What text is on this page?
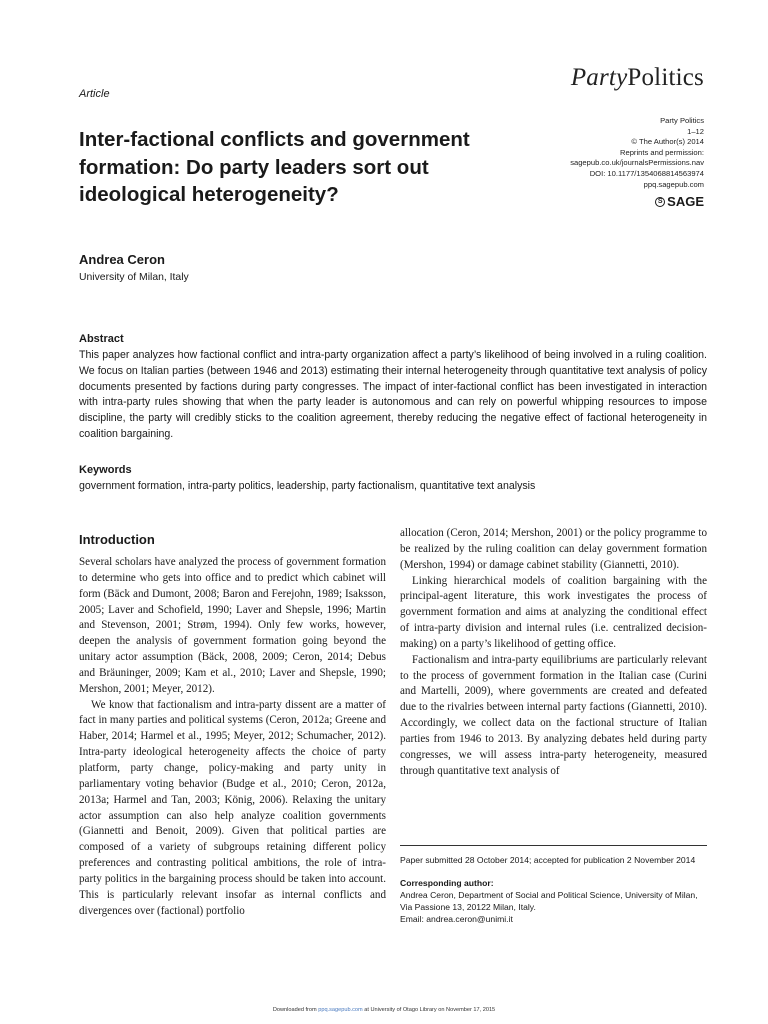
Article
PartyPolitics
Party Politics
1–12
© The Author(s) 2014
Reprints and permission:
sagepub.co.uk/journalsPermissions.nav
DOI: 10.1177/1354068814563974
ppq.sagepub.com
S SAGE
Inter-factional conflicts and government
formation: Do party leaders sort out
ideological heterogeneity?
Andrea Ceron
University of Milan, Italy
Abstract
This paper analyzes how factional conflict and intra-party organization affect a party’s likelihood of being involved in a ruling coalition. We focus on Italian parties (between 1946 and 2013) estimating their internal heterogeneity through quantitative text analysis of policy documents presented by factions during party congresses. The impact of inter-factional conflict has been investigated in interaction with intra-party rules showing that when the party leader is autonomous and can rely on powerful whipping resources to impose discipline, the party will credibly sticks to the coalition agreement, thereby reducing the negative effect of factional heterogeneity in coalition bargaining.
Keywords
government formation, intra-party politics, leadership, party factionalism, quantitative text analysis
Introduction

Several scholars have analyzed the process of government formation to determine who gets into office and to predict which cabinet will form (Bäck and Dumont, 2008; Baron and Ferejohn, 1989; Isaksson, 2005; Laver and Schofield, 1990; Laver and Shepsle, 1996; Martin and Stevenson, 2001; Strøm, 1994). Only few works, however, deepen the analysis of government formation going beyond the unitary actor assumption (Bäck, 2008, 2009; Ceron, 2014; Debus and Bräuninger, 2009; Kam et al., 2010; Laver and Shepsle, 1990; Mershon, 2001; Meyer, 2012).

We know that factionalism and intra-party dissent are a matter of fact in many parties and political systems (Ceron, 2012a; Greene and Haber, 2014; Harmel et al., 1995; Meyer, 2012; Schumacher, 2012). Intra-party ideological heterogeneity affects the choice of party platform, party change, policy-making and party unity in parliamentary voting behavior (Budge et al., 2010; Ceron, 2012a, 2013a; Harmel and Tan, 2003; König, 2006). Relaxing the unitary actor assumption can also help analyze coalition governments (Giannetti and Benoit, 2009). Given that political parties are composed of a variety of subgroups retaining different policy preferences and contrasting political ambitions, the role of intra-party politics in the bargaining process should be taken into account. This is particularly relevant insofar as internal conflicts and divergences over (factional) portfolio

allocation (Ceron, 2014; Mershon, 2001) or the policy programme to be realized by the ruling coalition can delay government formation (Mershon, 1994) or damage cabinet stability (Giannetti, 2010).

Linking hierarchical models of coalition bargaining with the principal-agent literature, this work investigates the process of government formation and aims at analyzing the conditional effect of intra-party division and internal rules (i.e. centralized decision-making) on a party’s likelihood of getting office.

Factionalism and intra-party equilibriums are particularly relevant to the process of government formation in the Italian case (Curini and Martelli, 2009), where governments are created and defeated due to the rivalries between internal party factions (Giannetti, 2010). Accordingly, we collect data on the factional structure of Italian parties from 1946 to 2013. By analyzing debates held during party congresses, we will assess intra-party heterogeneity, measured through quantitative text analysis of

Paper submitted 28 October 2014; accepted for publication 2 November 2014
Corresponding author:
Andrea Ceron, Department of Social and Political Science, University of Milan, Via Passione 13, 20122 Milan, Italy.
Email: andrea.ceron@unimi.it
Downloaded from ppq.sagepub.com at University of Otago Library on November 17, 2015
